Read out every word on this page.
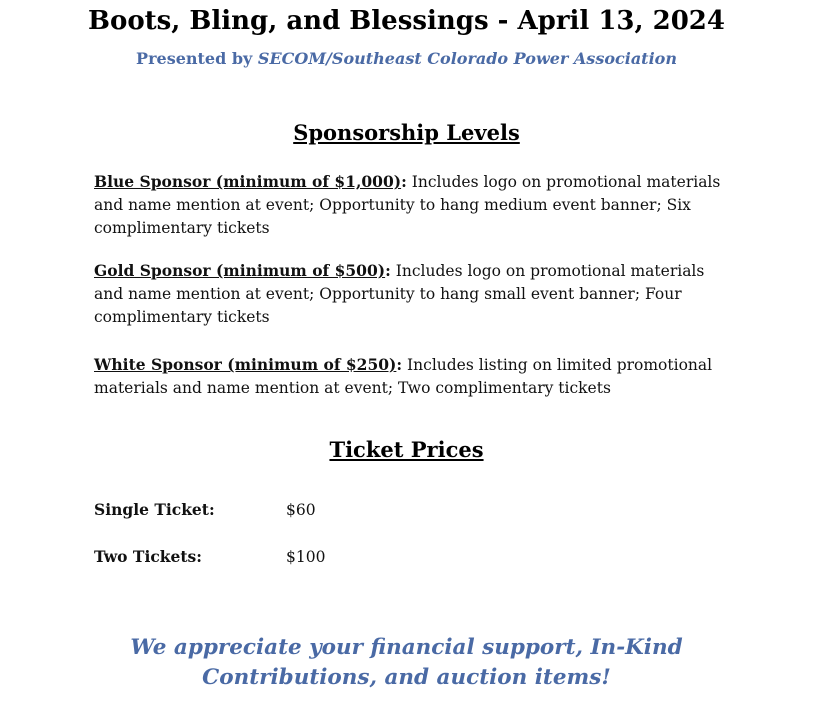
Boots, Bling, and Blessings - April 13, 2024
Presented by SECOM/Southeast Colorado Power Association
Sponsorship Levels
Blue Sponsor (minimum of $1,000): Includes logo on promotional materials and name mention at event; Opportunity to hang medium event banner; Six complimentary tickets
Gold Sponsor (minimum of $500): Includes logo on promotional materials and name mention at event; Opportunity to hang small event banner; Four complimentary tickets
White Sponsor (minimum of $250): Includes listing on limited promotional materials and name mention at event; Two complimentary tickets
Ticket Prices
Single Ticket:	$60
Two Tickets:	$100
We appreciate your financial support, In-Kind
Contributions, and auction items!
